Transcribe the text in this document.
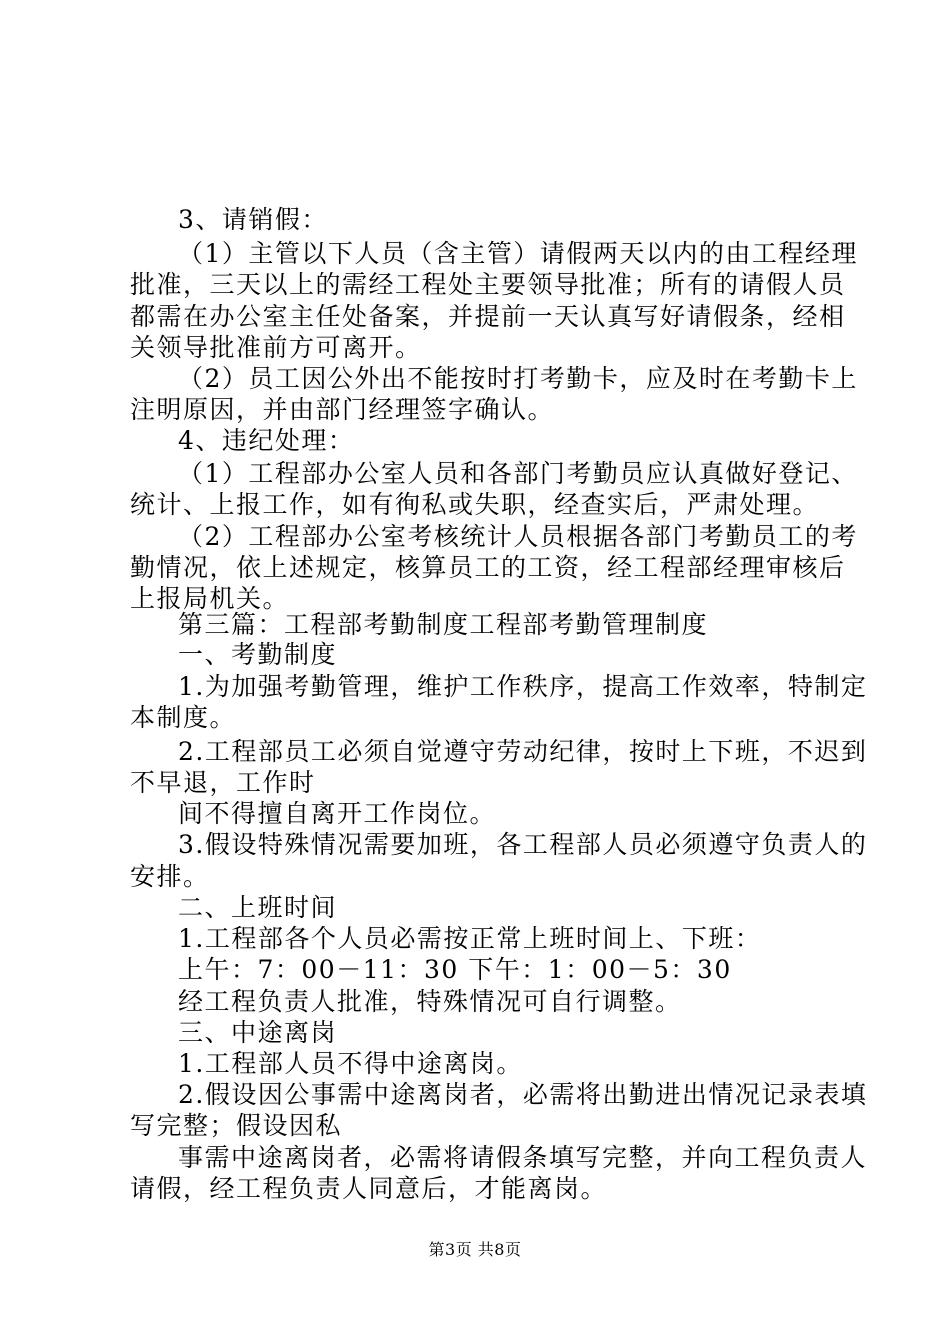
3、请销假：
（1）主管以下人员（含主管）请假两天以内的由工程经理
批准，三天以上的需经工程处主要领导批准；所有的请假人员
都需在办公室主任处备案，并提前一天认真写好请假条，经相
关领导批准前方可离开。
（2）员工因公外出不能按时打考勤卡，应及时在考勤卡上
注明原因，并由部门经理签字确认。
4、违纪处理：
（1）工程部办公室人员和各部门考勤员应认真做好登记、
统计、上报工作，如有徇私或失职，经查实后，严肃处理。
（2）工程部办公室考核统计人员根据各部门考勤员工的考
勤情况，依上述规定，核算员工的工资，经工程部经理审核后
上报局机关。
第三篇：工程部考勤制度工程部考勤管理制度
一、考勤制度
1.为加强考勤管理，维护工作秩序，提高工作效率，特制定
本制度。
2.工程部员工必须自觉遵守劳动纪律，按时上下班，不迟到
不早退，工作时
间不得擅自离开工作岗位。
3.假设特殊情况需要加班，各工程部人员必须遵守负责人的
安排。
二、上班时间
1.工程部各个人员必需按正常上班时间上、下班：
上午：7：00－11：30 下午：1：00－5：30
经工程负责人批准，特殊情况可自行调整。
三、中途离岗
1.工程部人员不得中途离岗。
2.假设因公事需中途离岗者，必需将出勤进出情况记录表填
写完整；假设因私
事需中途离岗者，必需将请假条填写完整，并向工程负责人
请假，经工程负责人同意后，才能离岗。
第3页 共8页
